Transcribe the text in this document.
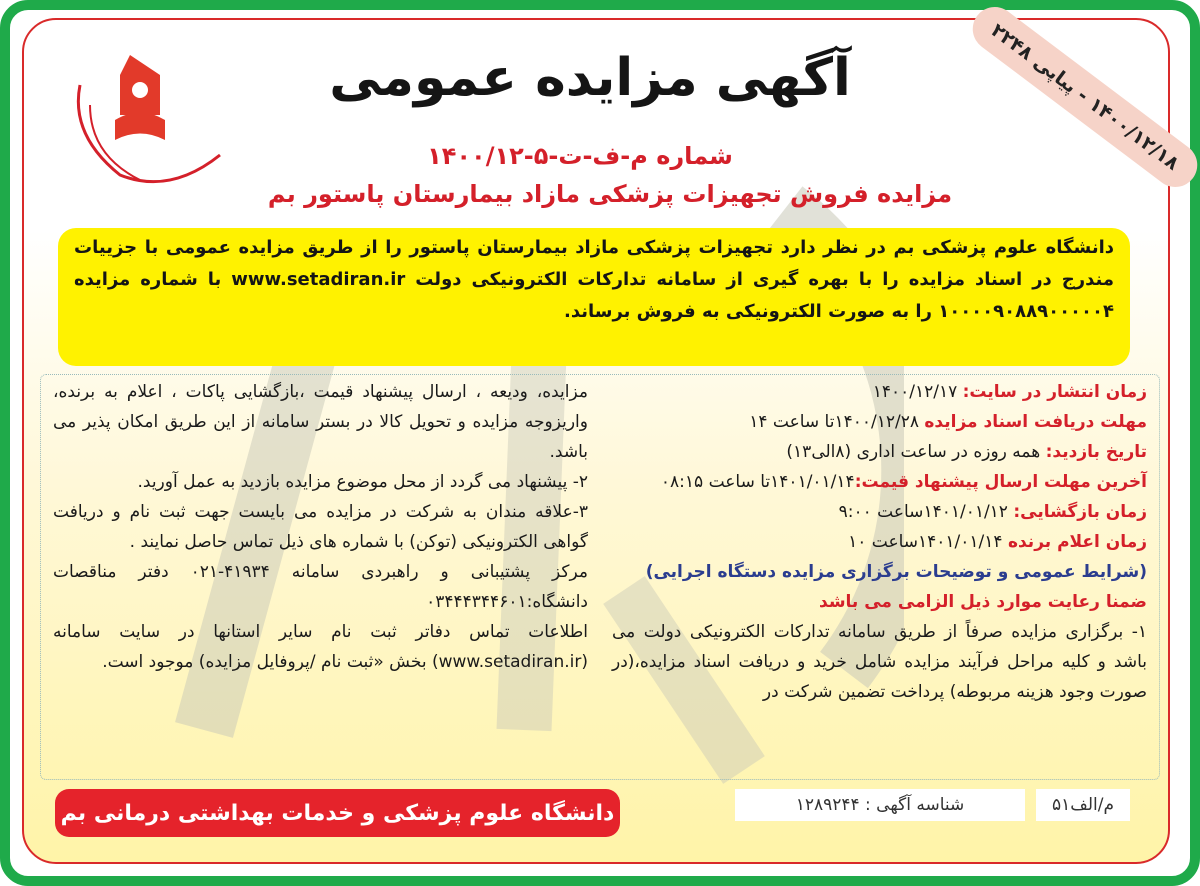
۱۴۰۰/۱۲/۱۸ - پیاپی ۲۲۴۸
آگهی مزایده عمومی
شماره م-ف-ت-۵-۱۴۰۰/۱۲
مزایده فروش تجهیزات پزشکی مازاد بیمارستان پاستور بم
دانشگاه علوم پزشکی بم در نظر دارد تجهیزات پزشکی مازاد بیمارستان پاستور را از طریق مزایده عمومی با جزییات مندرج در اسناد مزایده را با بهره گیری از سامانه تدارکات الکترونیکی دولت www.setadiran.ir با شماره مزایده ۱۰۰۰۰۹۰۸۸۹۰۰۰۰۰۴ را به صورت الکترونیکی به فروش برساند.
زمان انتشار در سایت: ۱۴۰۰/۱۲/۱۷
مهلت دریافت اسناد مزایده ۱۴۰۰/۱۲/۲۸تا ساعت ۱۴
تاریخ بازدید: همه روزه در ساعت اداری (۸الی۱۳)
آخرین مهلت ارسال پیشنهاد قیمت:۱۴۰۱/۰۱/۱۴تا ساعت ۰۸:۱۵
زمان بازگشایی: ۱۴۰۱/۰۱/۱۲ساعت ۹:۰۰
زمان اعلام برنده ۱۴۰۱/۰۱/۱۴ساعت ۱۰
(شرایط عمومی و توضیحات برگزاری مزایده دستگاه اجرایی)
ضمنا رعایت موارد ذیل الزامی می باشد

۱- برگزاری مزایده صرفاً از طریق سامانه تدارکات الکترونیکی دولت می باشد و کلیه مراحل فرآیند مزایده شامل خرید و دریافت اسناد مزایده،(در صورت وجود هزینه مربوطه) پرداخت تضمین شرکت در

مزایده، ودیعه ، ارسال پیشنهاد قیمت ،بازگشایی پاکات ، اعلام به برنده، واریزوجه مزایده و تحویل کالا در بستر سامانه از این طریق امکان پذیر می باشد.

۲- پیشنهاد می گردد از محل موضوع مزایده بازدید به عمل آورید.

۳-علاقه مندان به شرکت در مزایده می بایست جهت ثبت نام و دریافت گواهی الکترونیکی (توکن) با شماره های ذیل تماس حاصل نمایند .

مرکز پشتیبانی و راهبردی سامانه ۴۱۹۳۴-۰۲۱ دفتر مناقصات دانشگاه:۰۳۴۴۴۳۴۴۶۰۱

اطلاعات تماس دفاتر ثبت نام سایر استانها در سایت سامانه (www.setadiran.ir) بخش «ثبت نام /پروفایل مزایده) موجود است.

دانشگاه علوم پزشکی و خدمات بهداشتی درمانی بم	شناسه آگهی : ۱۲۸۹۲۴۴	م/الف۵۱
